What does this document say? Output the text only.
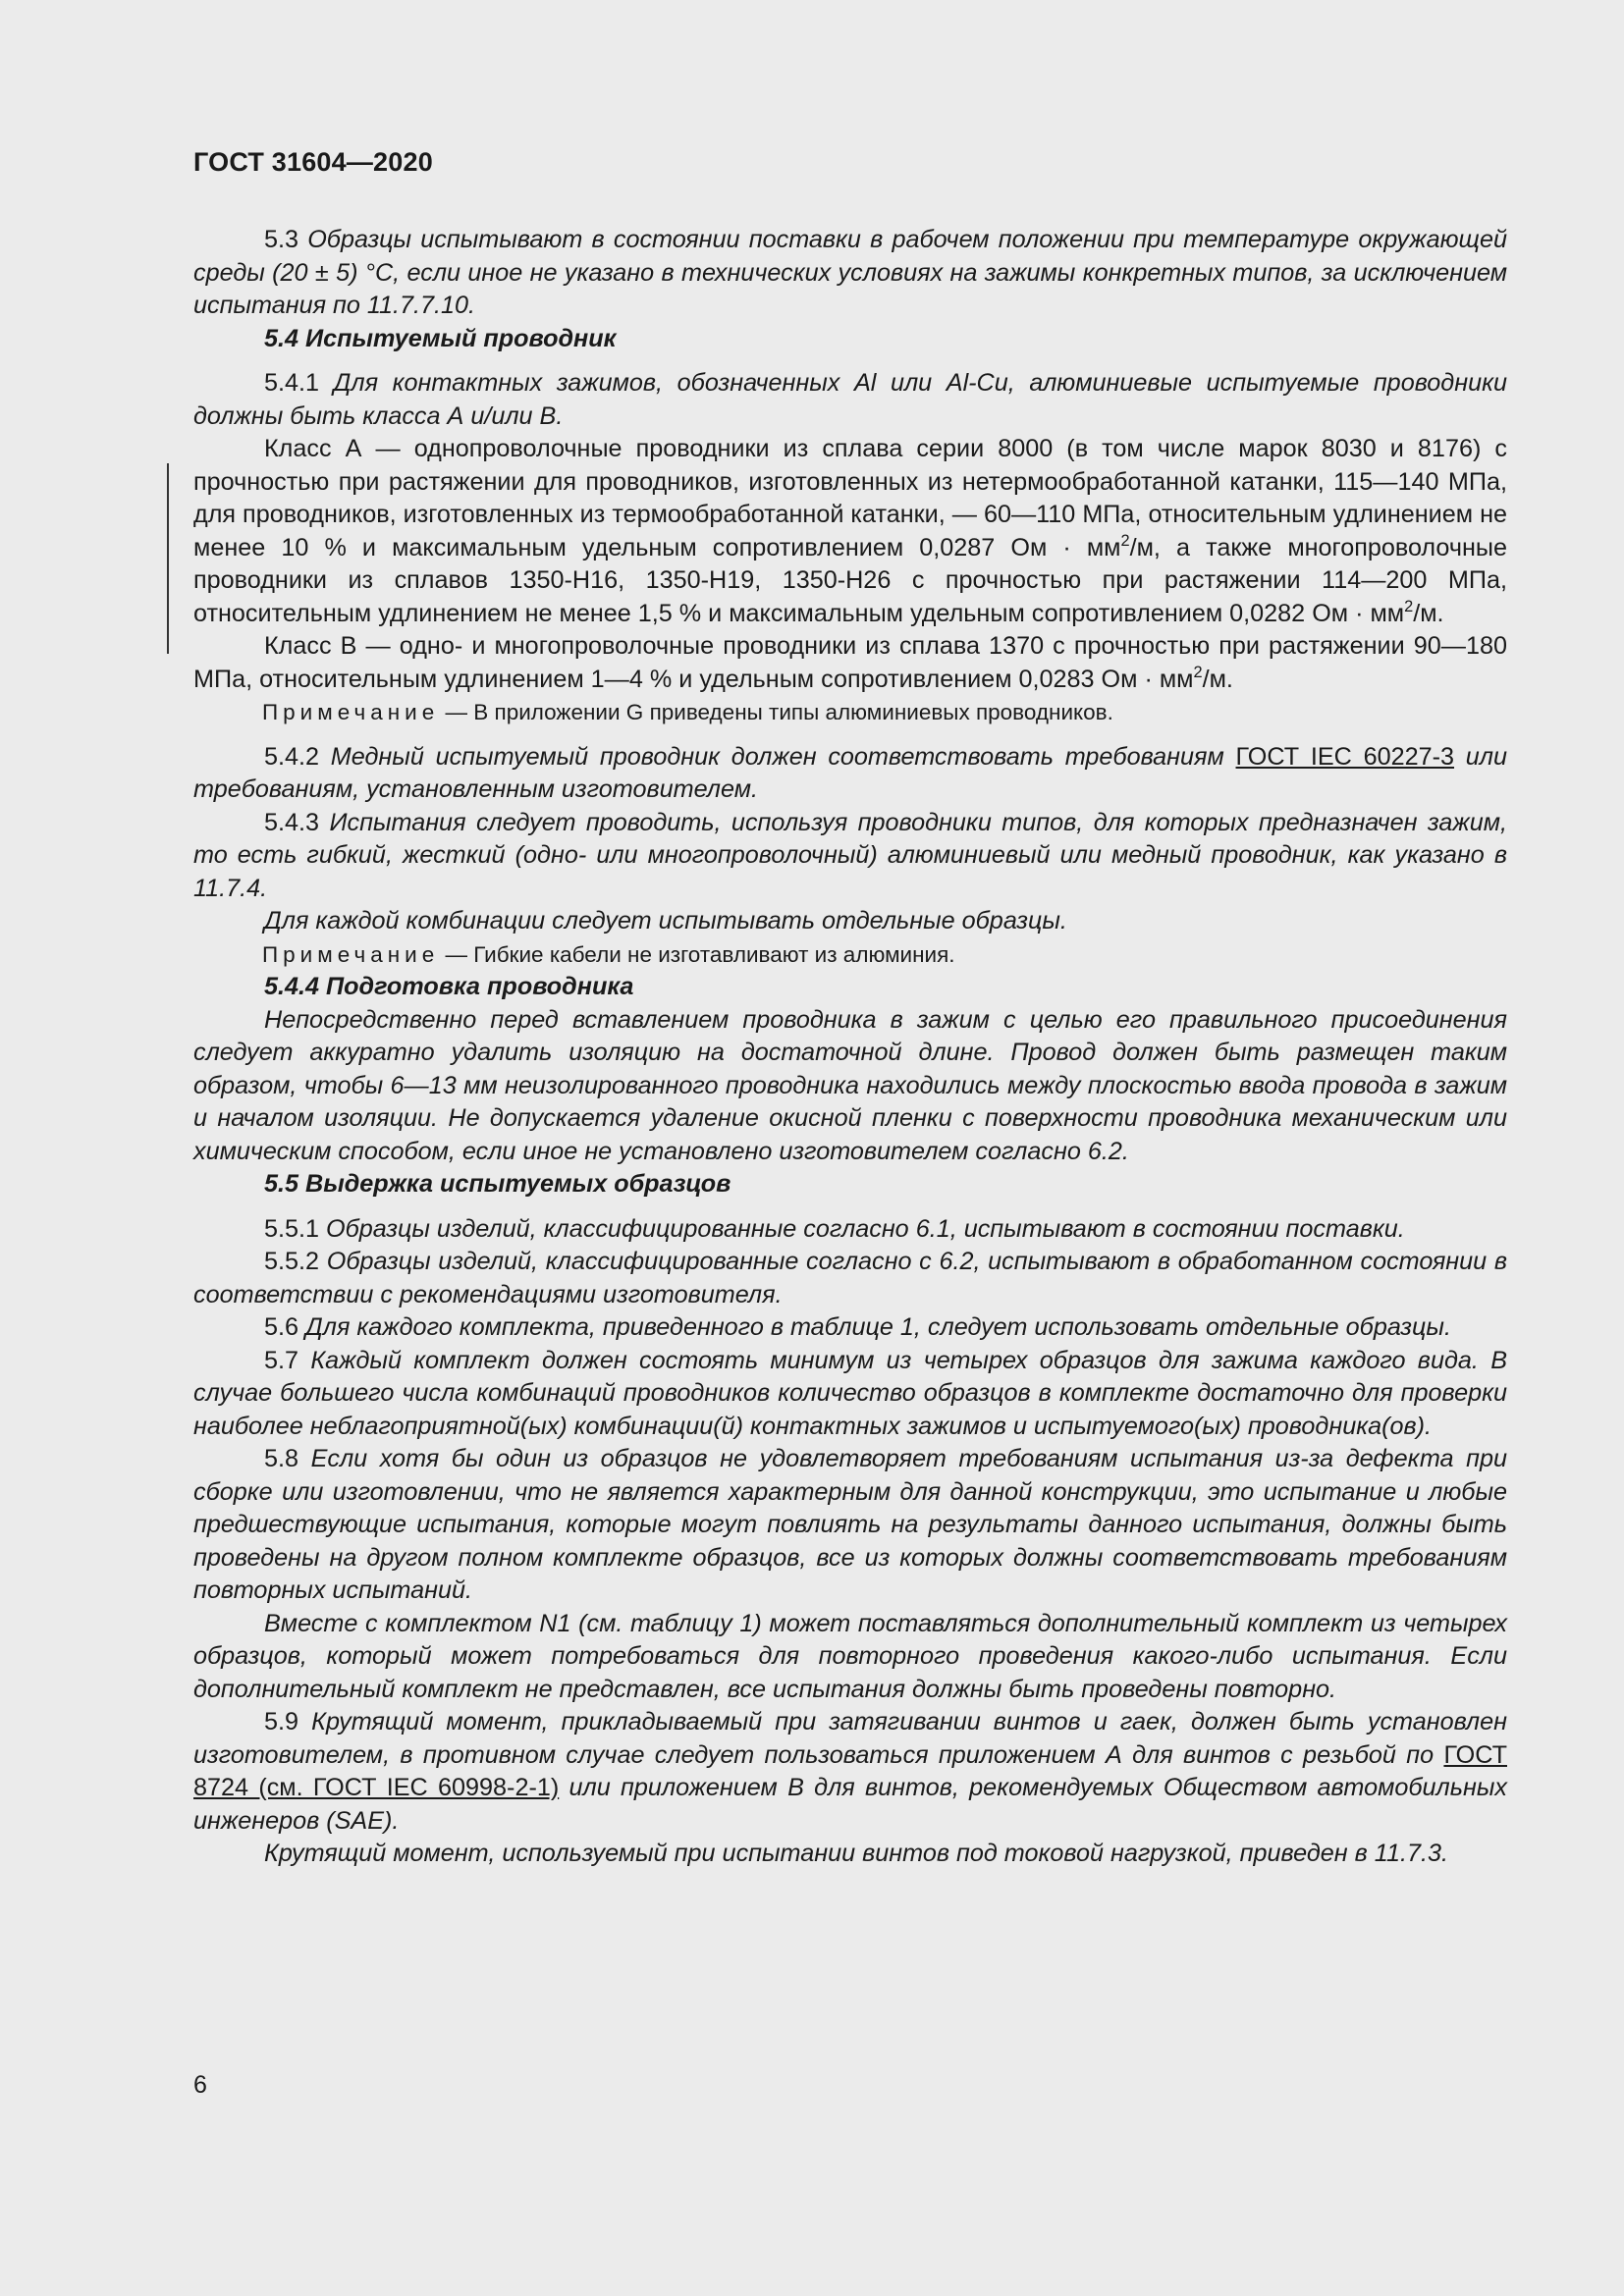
ГОСТ 31604—2020

5.3 Образцы испытывают в состоянии поставки в рабочем положении при температуре окружающей среды (20 ± 5) °С, если иное не указано в технических условиях на зажимы конкретных типов, за исключением испытания по 11.7.7.10.

5.4 Испытуемый проводник

5.4.1 Для контактных зажимов, обозначенных Al или Al-Cu, алюминиевые испытуемые проводники должны быть класса А и/или В.

Класс А — однопроволочные проводники из сплава серии 8000 (в том числе марок 8030 и 8176) с прочностью при растяжении для проводников, изготовленных из нетермообработанной катанки, 115—140 МПа, для проводников, изготовленных из термообработанной катанки, — 60—110 МПа, относительным удлинением не менее 10 % и максимальным удельным сопротивлением 0,0287 Ом · $мм^2/м$, а также многопроволочные проводники из сплавов 1350-Н16, 1350-Н19, 1350-Н26 с прочностью при растяжении 114—200 МПа, относительным удлинением не менее 1,5 % и максимальным удельным сопротивлением 0,0282 Ом · $мм^2/м$.

Класс В — одно- и многопроволочные проводники из сплава 1370 с прочностью при растяжении 90—180 МПа, относительным удлинением 1—4 % и удельным сопротивлением 0,0283 Ом · $мм^2/м$.

Примечание — В приложении G приведены типы алюминиевых проводников.

5.4.2 Медный испытуемый проводник должен соответствовать требованиям ГОСТ IEC 60227-3 или требованиям, установленным изготовителем.

5.4.3 Испытания следует проводить, используя проводники типов, для которых предназначен зажим, то есть гибкий, жесткий (одно- или многопроволочный) алюминиевый или медный проводник, как указано в 11.7.4.

Для каждой комбинации следует испытывать отдельные образцы.

Примечание — Гибкие кабели не изготавливают из алюминия.

5.4.4 Подготовка проводника

Непосредственно перед вставлением проводника в зажим с целью его правильного присоединения следует аккуратно удалить изоляцию на достаточной длине. Провод должен быть размещен таким образом, чтобы 6—13 мм неизолированного проводника находились между плоскостью ввода провода в зажим и началом изоляции. Не допускается удаление окисной пленки с поверхности проводника механическим или химическим способом, если иное не установлено изготовителем согласно 6.2.

5.5 Выдержка испытуемых образцов

5.5.1 Образцы изделий, классифицированные согласно 6.1, испытывают в состоянии поставки.

5.5.2 Образцы изделий, классифицированные согласно с 6.2, испытывают в обработанном состоянии в соответствии с рекомендациями изготовителя.

5.6 Для каждого комплекта, приведенного в таблице 1, следует использовать отдельные образцы.

5.7 Каждый комплект должен состоять минимум из четырех образцов для зажима каждого вида. В случае большего числа комбинаций проводников количество образцов в комплекте достаточно для проверки наиболее неблагоприятной(ых) комбинации(й) контактных зажимов и испытуемого(ых) проводника(ов).

5.8 Если хотя бы один из образцов не удовлетворяет требованиям испытания из-за дефекта при сборке или изготовлении, что не является характерным для данной конструкции, это испытание и любые предшествующие испытания, которые могут повлиять на результаты данного испытания, должны быть проведены на другом полном комплекте образцов, все из которых должны соответствовать требованиям повторных испытаний.

Вместе с комплектом N1 (см. таблицу 1) может поставляться дополнительный комплект из четырех образцов, который может потребоваться для повторного проведения какого-либо испытания. Если дополнительный комплект не представлен, все испытания должны быть проведены повторно.

5.9 Крутящий момент, прикладываемый при затягивании винтов и гаек, должен быть установлен изготовителем, в противном случае следует пользоваться приложением А для винтов с резьбой по ГОСТ 8724 (см. ГОСТ IEC 60998-2-1) или приложением В для винтов, рекомендуемых Обществом автомобильных инженеров (SAE).

Крутящий момент, используемый при испытании винтов под токовой нагрузкой, приведен в 11.7.3.

6
